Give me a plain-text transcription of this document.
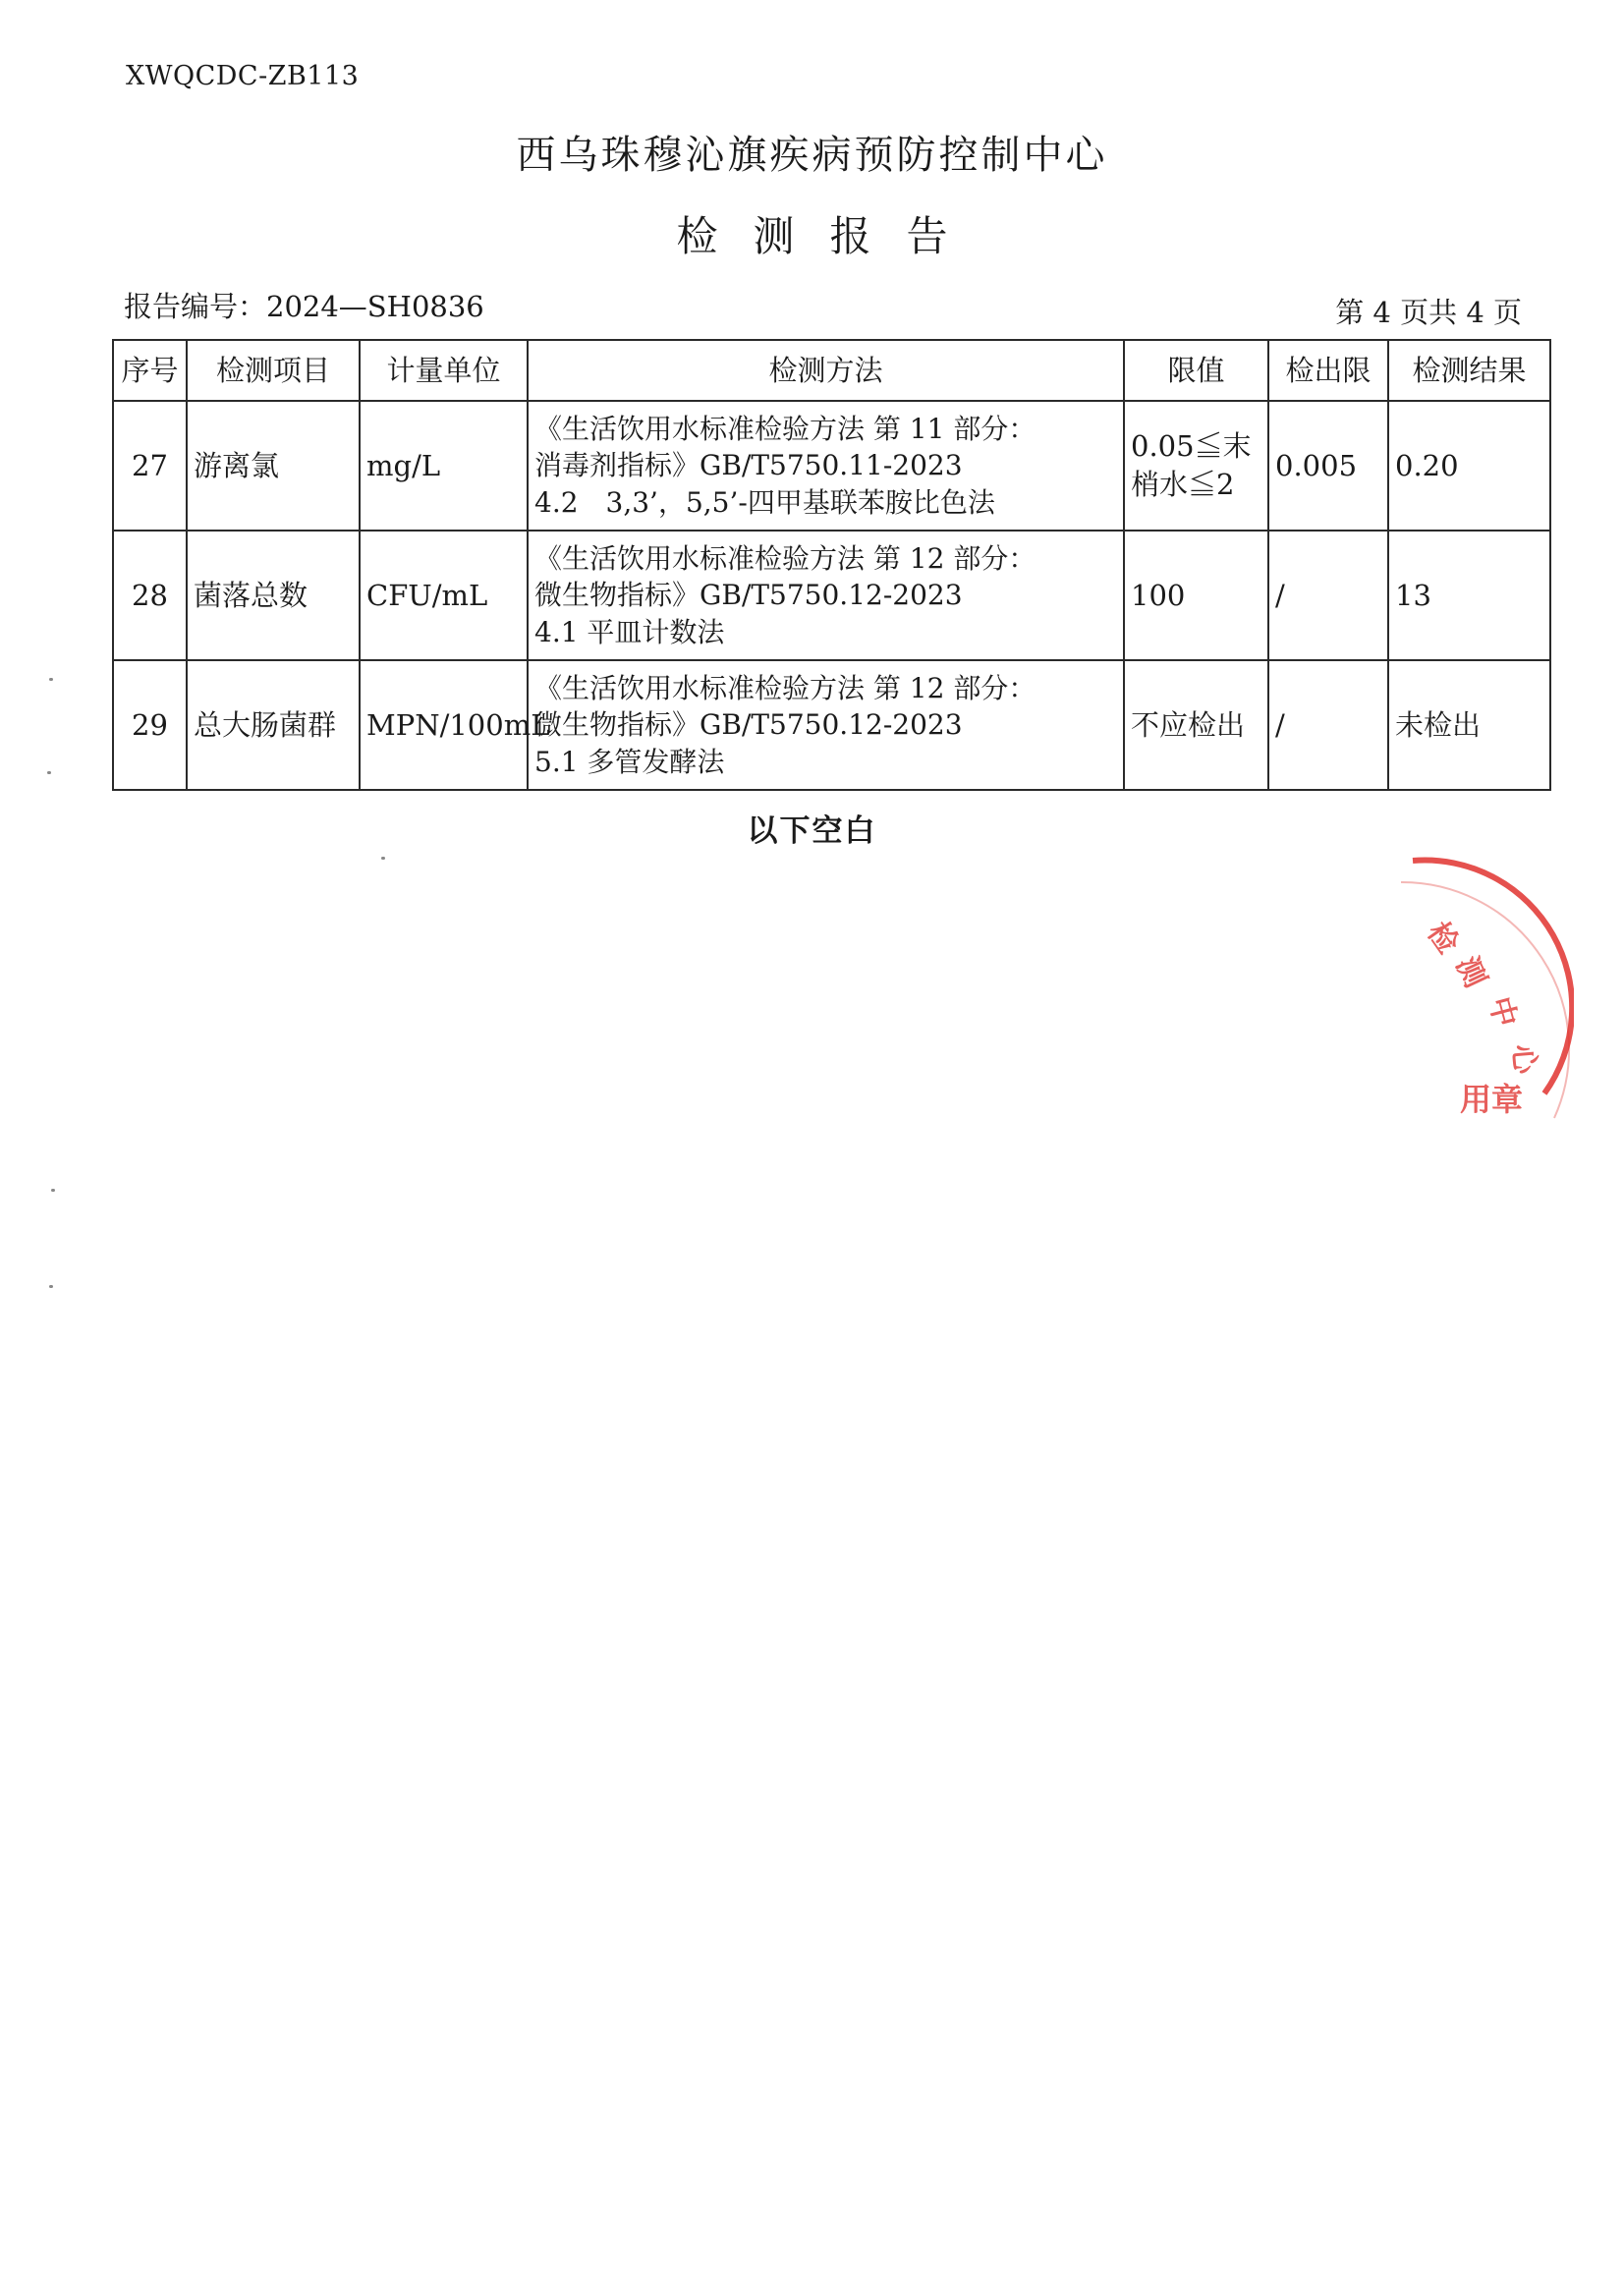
XWQCDC-ZB113
西乌珠穆沁旗疾病预防控制中心
检测报告
报告编号：2024—SH0836	第 4 页共 4 页
序号	检测项目	计量单位	检测方法	限值	检出限	检测结果
27	游离氯	mg/L	《生活饮用水标准检验方法 第 11 部分：
消毒剂指标》GB/T5750.11-2023
4.2　3,3’，5,5’-四甲基联苯胺比色法	0.05≦末梢水≦2	0.005	0.20
28	菌落总数	CFU/mL	《生活饮用水标准检验方法 第 12 部分：
微生物指标》GB/T5750.12-2023
4.1 平皿计数法	100	/	13
29	总大肠菌群	MPN/100mL	《生活饮用水标准检验方法 第 12 部分：
微生物指标》GB/T5750.12-2023
5.1 多管发酵法	不应检出	/	未检出
以下空白
检
测
中
心
用章
